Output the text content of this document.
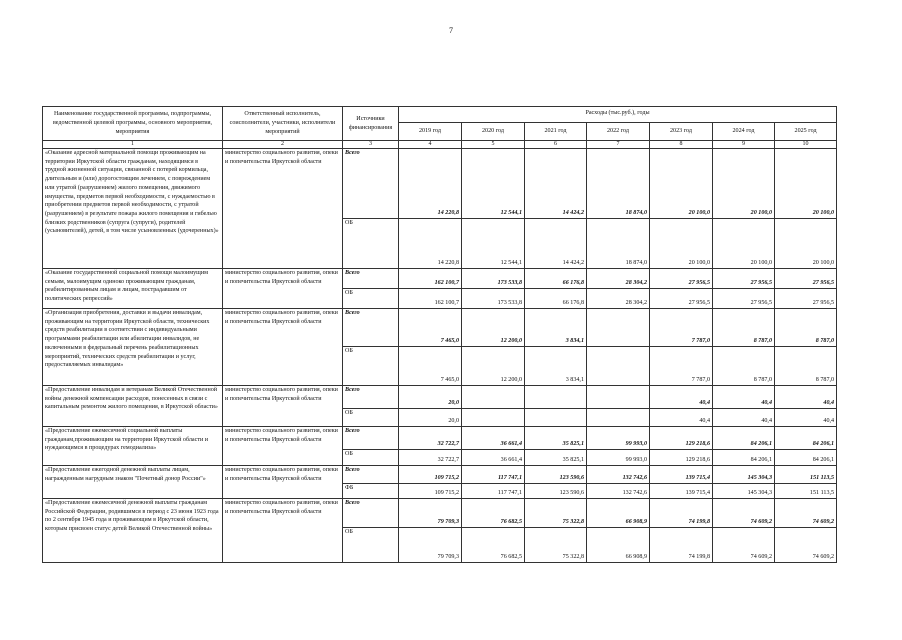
7
Наименование государственной программы, подпрограммы, ведомственной целевой программы, основного мероприятия, мероприятия	Ответственный исполнитель, соисполнители, участники, исполнители мероприятий	Источники финансирования	Расходы (тыс.руб.), годы						
			2019 год	2020 год	2021 год	2022 год	2023 год	2024 год	2025 год
1	2	3	4	5	6	7	8	9	10
«Оказание адресной материальной помощи проживающим на территории Иркутской области гражданам, находящимся в трудной жизненной ситуации, связанной с потерей кормильца, длительным и (или) дорогостоящим лечением, с повреждением или утратой (разрушением) жилого помещения, движимого имущества, предметов первой необходимости, с нуждаемостью в приобретении предметов первой необходимости, с утратой (разрушением) в результате пожара жилого помещения и гибелью близких родственников (супруга (супруги), родителей (усыновителей), детей, в том числе усыновленных (удочеренных)»	министерство социального развития, опеки и попечительства Иркутской области	Всего	14 220,8	12 544,1	14 424,2	18 874,0	20 100,0	20 100,0	20 100,0
		ОБ	14 220,8	12 544,1	14 424,2	18 874,0	20 100,0	20 100,0	20 100,0
«Оказание государственной социальной помощи малоимущим семьям, малоимущим одиноко проживающим гражданам, реабилитированным лицам и лицам, пострадавшим от политических репрессий»	министерство социального развития, опеки и попечительства Иркутской области	Всего	162 100,7	173 533,8	66 176,8	28 304,2	27 956,5	27 956,5	27 956,5
		ОБ	162 100,7	173 533,8	66 176,8	28 304,2	27 956,5	27 956,5	27 956,5
«Организация приобретения, доставки и выдачи инвалидам, проживающим на территории Иркутской области, технических средств реабилитации в соответствии с индивидуальными программами реабилитации или абилитации инвалидов, не включенными в федеральный перечень реабилитационных мероприятий, технических средств реабилитации и услуг, предоставляемых инвалидам»	министерство социального развития, опеки и попечительства Иркутской области	Всего	7 465,0	12 200,0	3 834,1		7 787,0	8 787,0	8 787,0
		ОБ	7 465,0	12 200,0	3 834,1		7 787,0	8 787,0	8 787,0
«Предоставление инвалидам и ветеранам Великой Отечественной войны денежной компенсации расходов, понесенных в связи с капитальным ремонтом жилого помещения, в Иркутской области»	министерство социального развития, опеки и попечительства Иркутской области	Всего	20,0				40,4	40,4	40,4
		ОБ	20,0				40,4	40,4	40,4
«Предоставление ежемесячной социальной выплаты гражданам,проживающим на территории Иркутской области и нуждающимся в процедурах гемодиализа»	министерство социального развития, опеки и попечительства Иркутской области	Всего	32 722,7	36 661,4	35 825,1	99 993,0	129 218,6	84 206,1	84 206,1
		ОБ	32 722,7	36 661,4	35 825,1	99 993,0	129 218,6	84 206,1	84 206,1
«Предоставление ежегодной денежной выплаты лицам, награжденным нагрудным знаком "Почетный донор России"»	министерство социального развития, опеки и попечительства Иркутской области	Всего	109 715,2	117 747,1	123 590,6	132 742,6	139 715,4	145 304,3	151 113,5
		ФБ	109 715,2	117 747,1	123 590,6	132 742,6	139 715,4	145 304,3	151 113,5
«Предоставление ежемесячной денежной выплаты гражданам Российской Федерации, родившимся в период с 23 июня 1923 года по 2 сентября 1945 года и проживающим в Иркутской области, которым присвоен статус детей Великой Отечественной войны»	министерство социального развития, опеки и попечительства Иркутской области	Всего	79 709,3	76 682,5	75 322,8	66 908,9	74 199,8	74 609,2	74 609,2
		ОБ	79 709,3	76 682,5	75 322,8	66 908,9	74 199,8	74 609,2	74 609,2
